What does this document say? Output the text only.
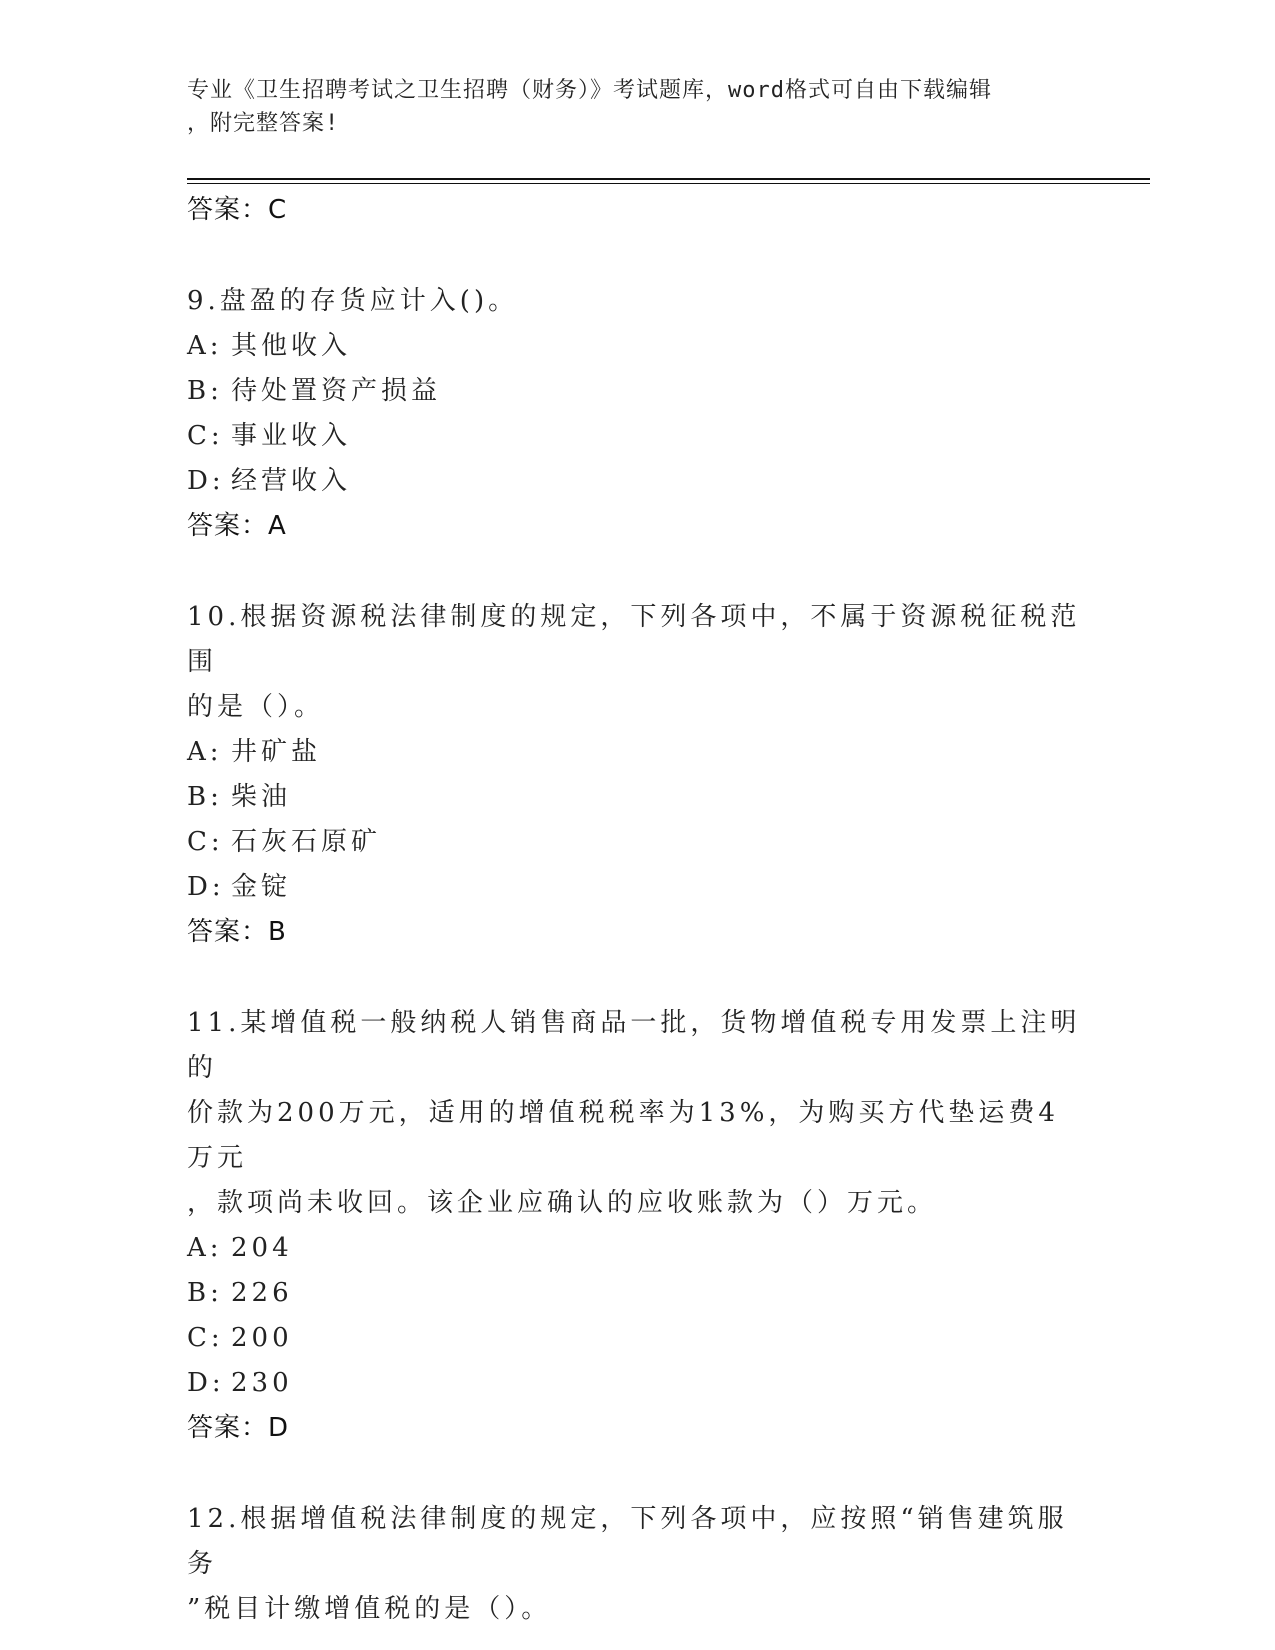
专业《卫生招聘考试之卫生招聘（财务）》考试题库，word格式可自由下载编辑
，附完整答案!
答案：C
9.盘盈的存货应计入()。
A: 其他收入
B: 待处置资产损益
C: 事业收入
D: 经营收入
答案：A
10.根据资源税法律制度的规定，下列各项中，不属于资源税征税范围
的是（）。
A: 井矿盐
B: 柴油
C: 石灰石原矿
D: 金锭
答案：B
11.某增值税一般纳税人销售商品一批，货物增值税专用发票上注明的
价款为200万元，适用的增值税税率为13%，为购买方代垫运费4万元
，款项尚未收回。该企业应确认的应收账款为（）万元。
A: 204
B: 226
C: 200
D: 230
答案：D
12.根据增值税法律制度的规定，下列各项中，应按照“销售建筑服务
”税目计缴增值税的是（）。
